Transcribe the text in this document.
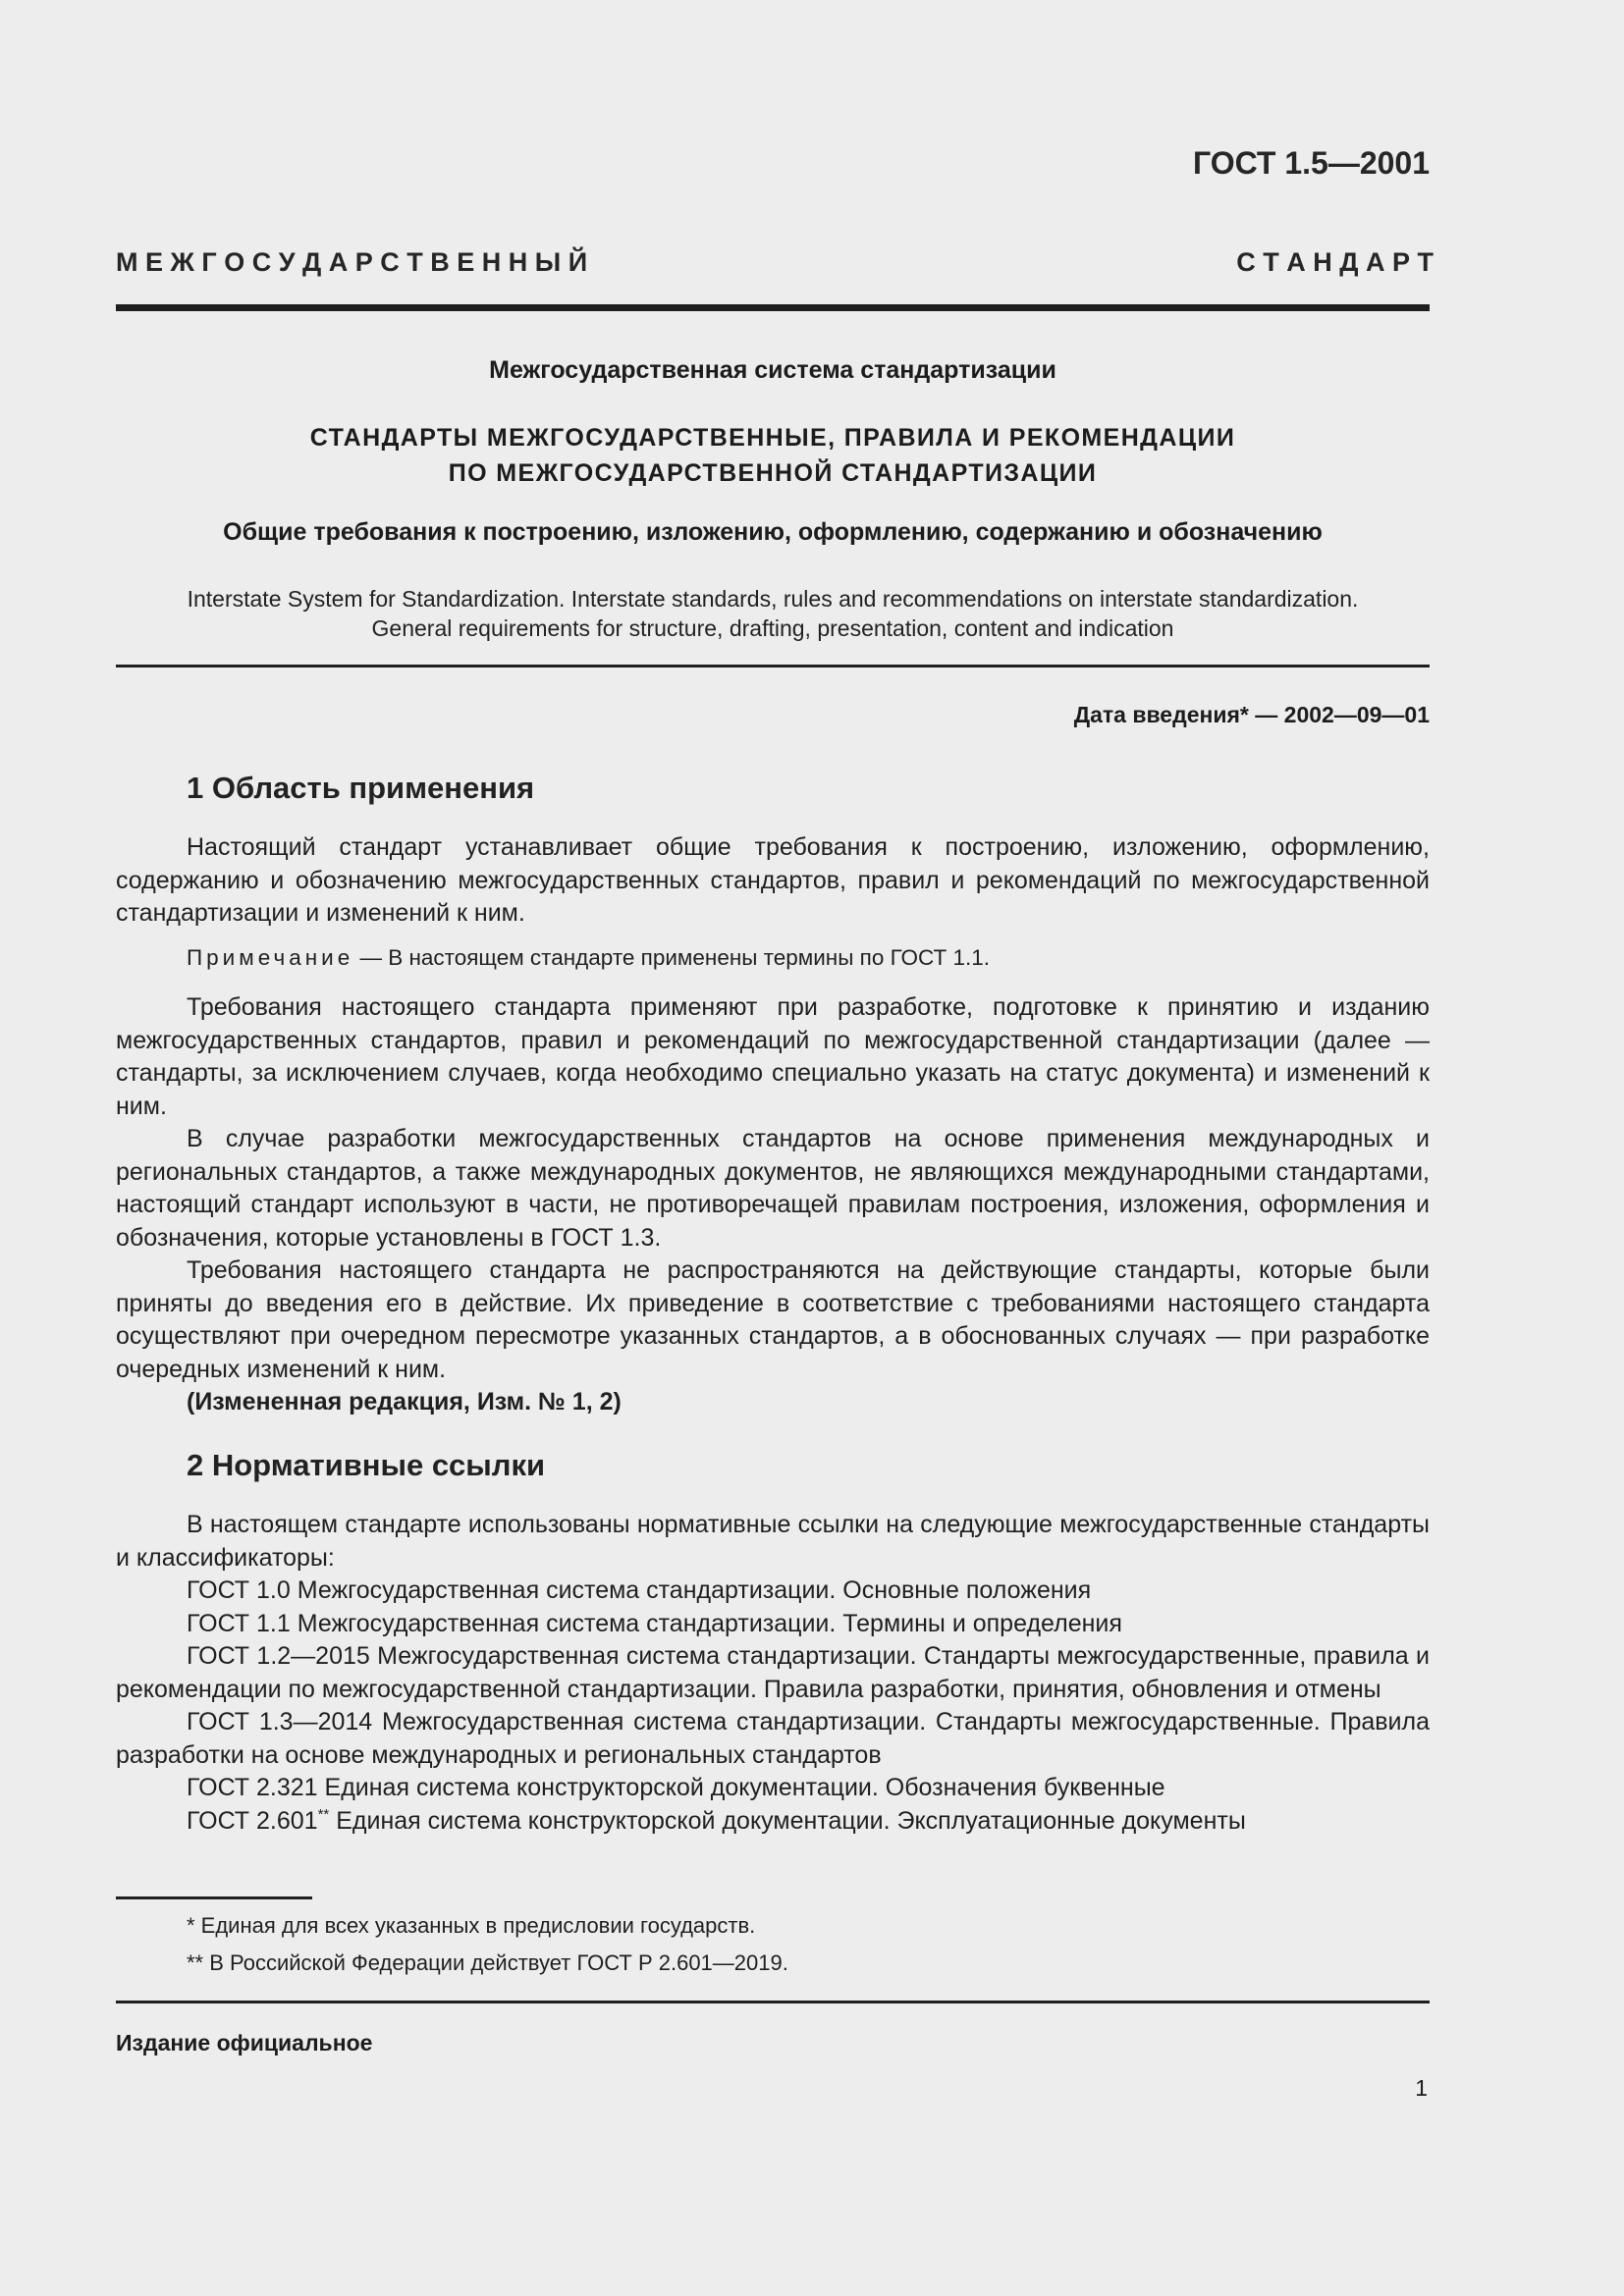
ГОСТ 1.5—2001
М Е Ж Г О С У Д А Р С Т В Е Н Н Ы Й	С Т А Н Д А Р Т
Межгосударственная система стандартизации
СТАНДАРТЫ МЕЖГОСУДАРСТВЕННЫЕ, ПРАВИЛА И РЕКОМЕНДАЦИИ
ПО МЕЖГОСУДАРСТВЕННОЙ СТАНДАРТИЗАЦИИ
Общие требования к построению, изложению, оформлению, содержанию и обозначению
Interstate System for Standardization. Interstate standards, rules and recommendations on interstate standardization.
General requirements for structure, drafting, presentation, content and indication
Дата введения* — 2002—09—01
1 Область применения

Настоящий стандарт устанавливает общие требования к построению, изложению, оформлению, содержанию и обозначению межгосударственных стандартов, правил и рекомендаций по межгосударственной стандартизации и изменений к ним.

Примечание — В настоящем стандарте применены термины по ГОСТ 1.1.

Требования настоящего стандарта применяют при разработке, подготовке к принятию и изданию межгосударственных стандартов, правил и рекомендаций по межгосударственной стандартизации (далее — стандарты, за исключением случаев, когда необходимо специально указать на статус документа) и изменений к ним.

В случае разработки межгосударственных стандартов на основе применения международных и региональных стандартов, а также международных документов, не являющихся международными стандартами, настоящий стандарт используют в части, не противоречащей правилам построения, изложения, оформления и обозначения, которые установлены в ГОСТ 1.3.

Требования настоящего стандарта не распространяются на действующие стандарты, которые были приняты до введения его в действие. Их приведение в соответствие с требованиями настоящего стандарта осуществляют при очередном пересмотре указанных стандартов, а в обоснованных случаях — при разработке очередных изменений к ним.

(Измененная редакция, Изм. № 1, 2)

2 Нормативные ссылки

В настоящем стандарте использованы нормативные ссылки на следующие межгосударственные стандарты и классификаторы:

ГОСТ 1.0 Межгосударственная система стандартизации. Основные положения

ГОСТ 1.1 Межгосударственная система стандартизации. Термины и определения

ГОСТ 1.2—2015 Межгосударственная система стандартизации. Стандарты межгосударственные, правила и рекомендации по межгосударственной стандартизации. Правила разработки, принятия, обновления и отмены

ГОСТ 1.3—2014 Межгосударственная система стандартизации. Стандарты межгосударственные. Правила разработки на основе международных и региональных стандартов

ГОСТ 2.321 Единая система конструкторской документации. Обозначения буквенные

ГОСТ 2.601** Единая система конструкторской документации. Эксплуатационные документы

* Единая для всех указанных в предисловии государств.
** В Российской Федерации действует ГОСТ Р 2.601—2019.
Издание официальное
1
